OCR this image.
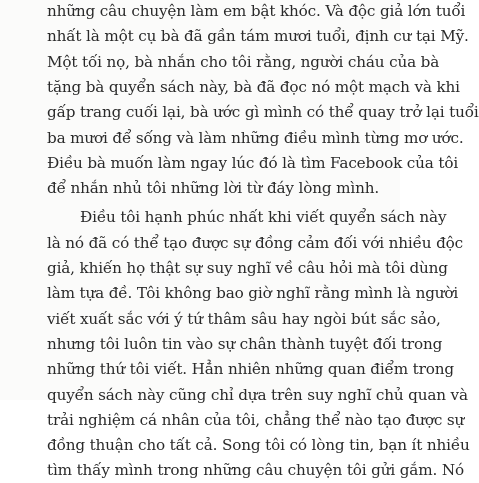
những câu chuyện làm em bật khóc. Và độc giả lớn tuổi
nhất là một cụ bà đã gần tám mươi tuổi, định cư tại Mỹ.
Một tối nọ, bà nhắn cho tôi rằng, người cháu của bà
tặng bà quyển sách này, bà đã đọc nó một mạch và khi
gấp trang cuối lại, bà ước gì mình có thể quay trở lại tuổi
ba mươi để sống và làm những điều mình từng mơ ước.
Điều bà muốn làm ngay lúc đó là tìm Facebook của tôi
để nhắn nhủ tôi những lời từ đáy lòng mình.
Điều tôi hạnh phúc nhất khi viết quyển sách này
là nó đã có thể tạo được sự đồng cảm đối với nhiều độc
giả, khiến họ thật sự suy nghĩ về câu hỏi mà tôi dùng
làm tựa đề. Tôi không bao giờ nghĩ rằng mình là người
viết xuất sắc với ý tứ thâm sâu hay ngòi bút sắc sảo,
nhưng tôi luôn tin vào sự chân thành tuyệt đối trong
những thứ tôi viết. Hẳn nhiên những quan điểm trong
quyển sách này cũng chỉ dựa trên suy nghĩ chủ quan và
trải nghiệm cá nhân của tôi, chẳng thể nào tạo được sự
đồng thuận cho tất cả. Song tôi có lòng tin, bạn ít nhiều
tìm thấy mình trong những câu chuyện tôi gửi gắm. Nó
